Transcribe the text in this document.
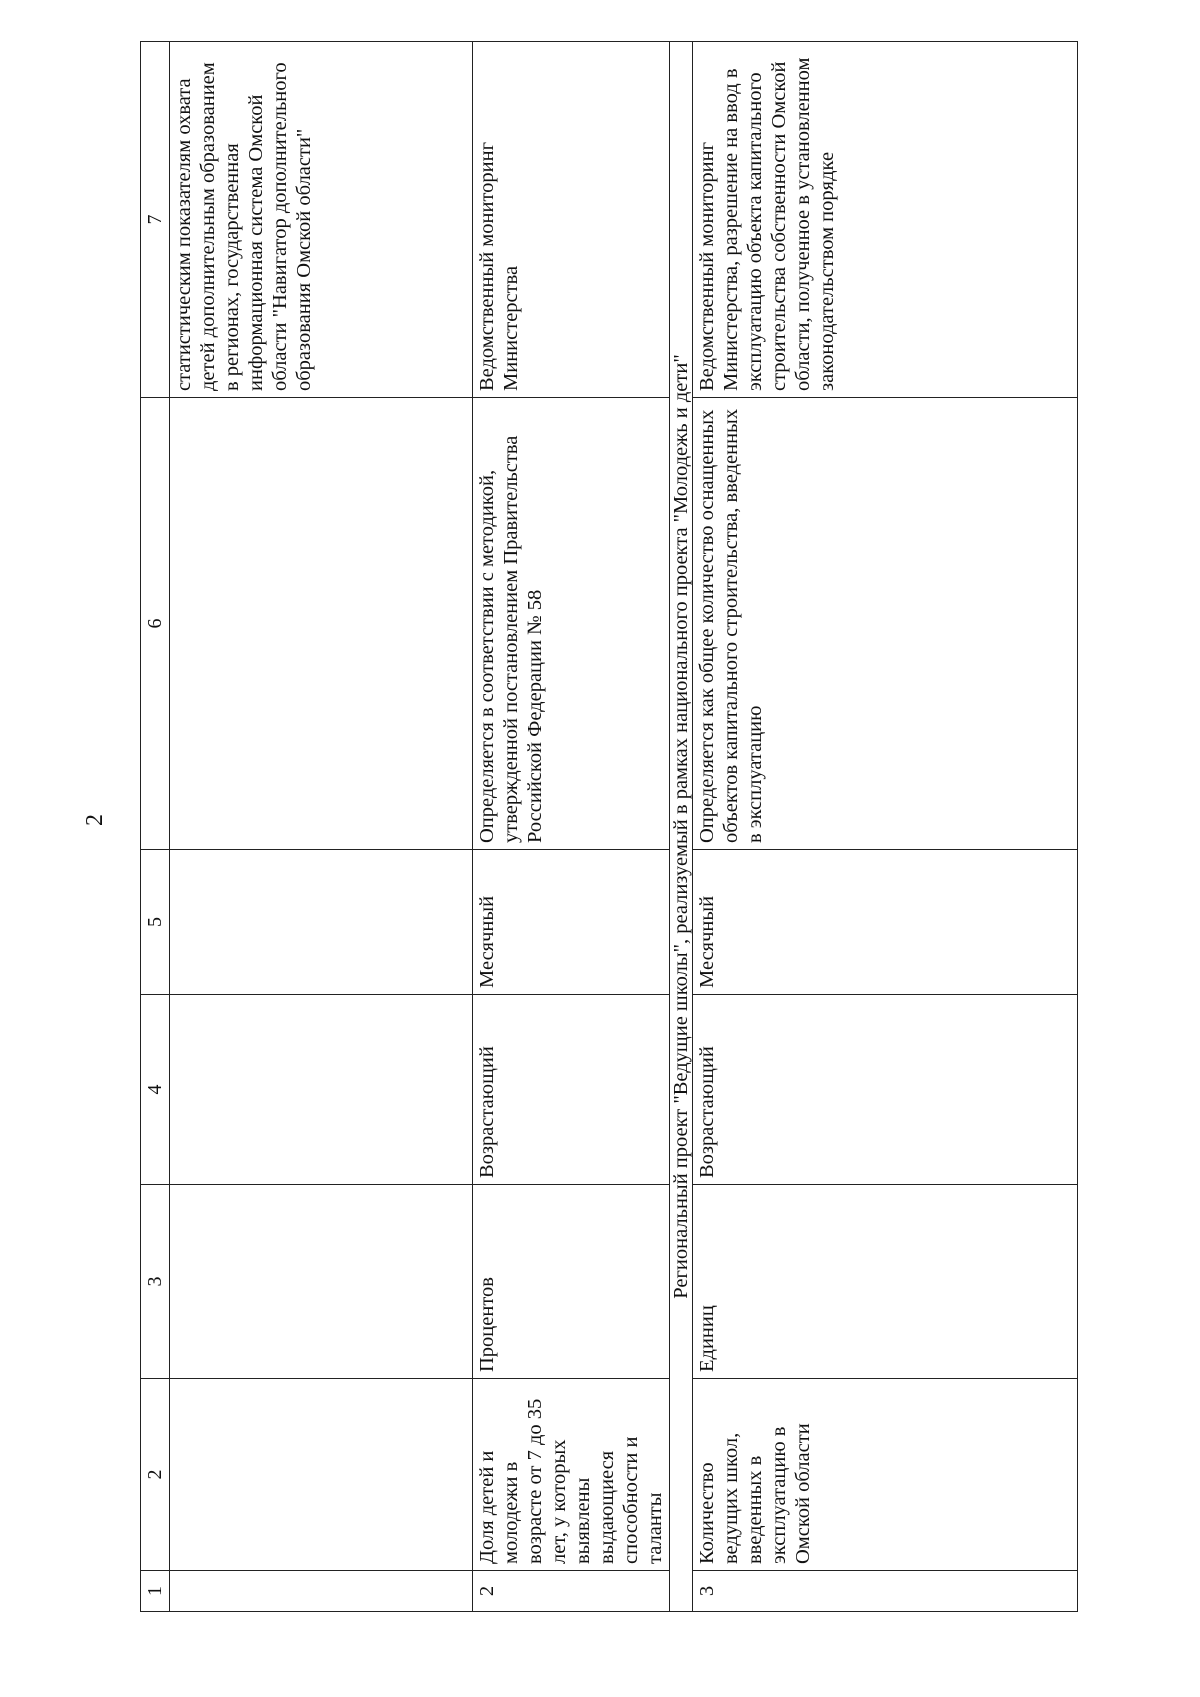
2
1	2	3	4	5	6	7
						статистическим показателям охвата детей дополнительным образованием в регионах, государственная информационная система Омской области "Навигатор дополнительного образования Омской области"
2	Доля детей и молодежи в возрасте от 7 до 35 лет, у которых выявлены выдающиеся способности и таланты	Процентов	Возрастающий	Месячный	Определяется в соответствии с методикой, утвержденной постановлением Правительства Российской Федерации № 58	Ведомственный мониторинг Министерства
Региональный проект "Ведущие школы", реализуемый в рамках национального проекта "Молодежь и дети"						
3	Количество ведущих школ, введенных в эксплуатацию в Омской области	Единиц	Возрастающий	Месячный	Определяется как общее количество оснащенных объектов капитального строительства, введенных в эксплуатацию	Ведомственный мониторинг Министерства, разрешение на ввод в эксплуатацию объекта капитального строительства собственности Омской области, полученное в установленном законодательством порядке
